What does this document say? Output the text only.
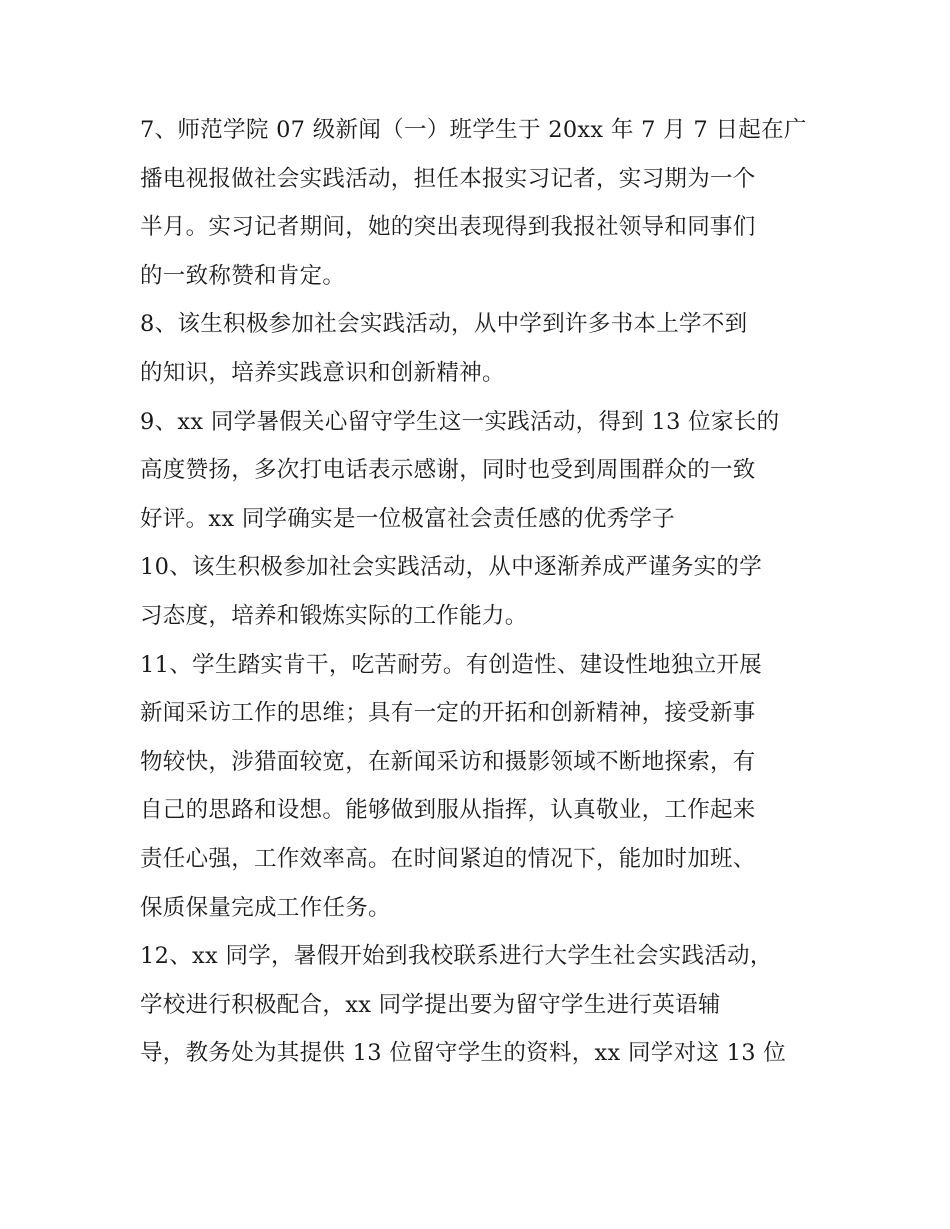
7、师范学院 07 级新闻（一）班学生于 20xx 年 7 月 7 日起在广
播电视报做社会实践活动，担任本报实习记者，实习期为一个
半月。实习记者期间，她的突出表现得到我报社领导和同事们
的一致称赞和肯定。
8、该生积极参加社会实践活动，从中学到许多书本上学不到
的知识，培养实践意识和创新精神。
9、xx 同学暑假关心留守学生这一实践活动，得到 13 位家长的
高度赞扬，多次打电话表示感谢，同时也受到周围群众的一致
好评。xx 同学确实是一位极富社会责任感的优秀学子
10、该生积极参加社会实践活动，从中逐渐养成严谨务实的学
习态度，培养和锻炼实际的工作能力。
11、学生踏实肯干，吃苦耐劳。有创造性、建设性地独立开展
新闻采访工作的思维；具有一定的开拓和创新精神，接受新事
物较快，涉猎面较宽，在新闻采访和摄影领域不断地探索，有
自己的思路和设想。能够做到服从指挥，认真敬业，工作起来
责任心强，工作效率高。在时间紧迫的情况下，能加时加班、
保质保量完成工作任务。
12、xx 同学，暑假开始到我校联系进行大学生社会实践活动，
学校进行积极配合，xx 同学提出要为留守学生进行英语辅
导，教务处为其提供 13 位留守学生的资料，xx 同学对这 13 位
